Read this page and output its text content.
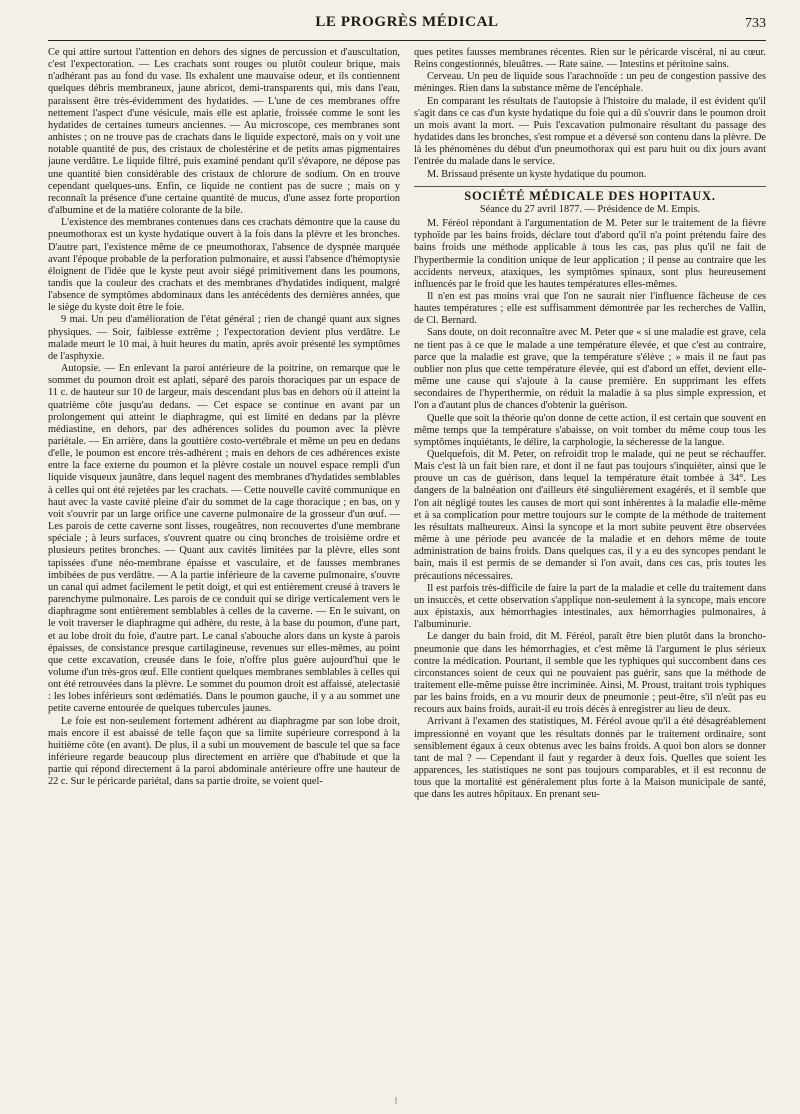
LE PROGRÈS MÉDICAL	733

Ce qui attire surtout l'attention en dehors des signes de percussion et d'auscultation, c'est l'expectoration. — Les crachats sont rouges ou plutôt couleur brique, mais n'adhérant pas au fond du vase. Ils exhalent une mauvaise odeur, et ils contiennent quelques débris membraneux, jaune abricot, demi-transparents qui, mis dans l'eau, paraissent être très-évidemment des hydatides. — L'une de ces membranes offre nettement l'aspect d'une vésicule, mais elle est aplatie, froissée comme le sont les hydatides de certaines tumeurs anciennes. — Au microscope, ces membranes sont anhistes ; on ne trouve pas de crachats dans le liquide expectoré, mais on y voit une notable quantité de pus, des cristaux de cholestérine et de petits amas pigmentaires jaune verdâtre. Le liquide filtré, puis examiné pendant qu'il s'évapore, ne dépose pas une quantité bien considérable des cristaux de chlorure de sodium. On en trouve cependant quelques-uns. Enfin, ce liquide ne contient pas de sucre ; mais on y reconnaît la présence d'une certaine quantité de mucus, d'une assez forte proportion d'albumine et de la matière colorante de la bile.

L'existence des membranes contenues dans ces crachats démontre que la cause du pneumothorax est un kyste hydatique ouvert à la fois dans la plèvre et les bronches. D'autre part, l'existence même de ce pneumothorax, l'absence de dyspnée marquée avant l'époque probable de la perforation pulmonaire, et aussi l'absence d'hémoptysie éloignent de l'idée que le kyste peut avoir siégé primitivement dans les poumons, tandis que la couleur des crachats et des membranes d'hydatides indiquent, malgré l'absence de symptômes abdominaux dans les antécédents des dernières années, que le siège du kyste doit être le foie.

9 mai. Un peu d'amélioration de l'état général ; rien de changé quant aux signes physiques. — Soir, faiblesse extrême ; l'expectoration devient plus verdâtre. Le malade meurt le 10 mai, à huit heures du matin, après avoir présenté les symptômes de l'asphyxie.

Autopsie. — En enlevant la paroi antérieure de la poitrine, on remarque que le sommet du poumon droit est aplati, séparé des parois thoraciques par un espace de 11 c. de hauteur sur 10 de largeur, mais descendant plus bas en dehors où il atteint la quatrième côte jusqu'au dedans. — Cet espace se continue en avant par un prolongement qui atteint le diaphragme, qui est limité en dedans par la plèvre médiastine, en dehors, par des adhérences solides du poumon avec la plèvre pariétale. — En arrière, dans la gouttière costo-vertébrale et même un peu en dedans d'elle, le poumon est encore très-adhérent ; mais en dehors de ces adhérences existe entre la face externe du poumon et la plèvre costale un nouvel espace rempli d'un liquide visqueux jaunâtre, dans lequel nagent des membranes d'hydatides semblables à celles qui ont été rejetées par les crachats. — Cette nouvelle cavité communique en haut avec la vaste cavité pleine d'air du sommet de la cage thoracique ; en bas, on y voit s'ouvrir par un large orifice une caverne pulmonaire de la grosseur d'un œuf. — Les parois de cette caverne sont lisses, rougeâtres, non recouvertes d'une membrane spéciale ; à leurs surfaces, s'ouvrent quatre ou cinq bronches de troisième ordre et plusieurs petites bronches. — Quant aux cavités limitées par la plèvre, elles sont tapissées d'une néo-membrane épaisse et vasculaire, et de fausses membranes imbibées de pus verdâtre. — A la partie inférieure de la caverne pulmonaire, s'ouvre un canal qui admet facilement le petit doigt, et qui est entièrement creusé à travers le parenchyme pulmonaire. Les parois de ce conduit qui se dirige verticalement vers le diaphragme sont entièrement semblables à celles de la caverne. — En le suivant, on le voit traverser le diaphragme qui adhère, du reste, à la base du poumon, d'une part, et au lobe droit du foie, d'autre part. Le canal s'abouche alors dans un kyste à parois épaisses, de consistance presque cartilagineuse, revenues sur elles-mêmes, au point que cette excavation, creusée dans le foie, n'offre plus guère aujourd'hui que le volume d'un très-gros œuf. Elle contient quelques membranes semblables à celles qui ont été retrouvées dans la plèvre. Le sommet du poumon droit est affaissé, atelectasié : les lobes inférieurs sont œdématiés. Dans le poumon gauche, il y a au sommet une petite caverne entourée de quelques tubercules jaunes.

Le foie est non-seulement fortement adhérent au diaphragme par son lobe droit, mais encore il est abaissé de telle façon que sa limite supérieure correspond à la huitième côte (en avant). De plus, il a subi un mouvement de bascule tel que sa face inférieure regarde beaucoup plus directement en arrière que d'habitude et que la partie qui répond directement à la paroi abdominale antérieure offre une hauteur de 22 c. Sur le péricarde pariétal, dans sa partie droite, se voient quel-

ques petites fausses membranes récentes. Rien sur le péricarde viscéral, ni au cœur. Reins congestionnés, bleuâtres. — Rate saine. — Intestins et péritoine sains.

Cerveau. Un peu de liquide sous l'arachnoïde : un peu de congestion passive des méninges. Rien dans la substance même de l'encéphale.

En comparant les résultats de l'autopsie à l'histoire du malade, il est évident qu'il s'agit dans ce cas d'un kyste hydatique du foie qui a dû s'ouvrir dans le poumon droit un mois avant la mort. — Puis l'excavation pulmonaire résultant du passage des hydatides dans les bronches, s'est rompue et a déversé son contenu dans la plèvre. De là les phénomènes du début d'un pneumothorax qui est paru huit ou dix jours avant l'entrée du malade dans le service.

M. Brissaud présente un kyste hydatique du poumon.

SOCIÉTÉ MÉDICALE DES HOPITAUX.
Séance du 27 avril 1877. — Présidence de M. Empis.

M. Féréol répondant à l'argumentation de M. Peter sur le traitement de la fièvre typhoïde par les bains froids, déclare tout d'abord qu'il n'a point prétendu faire des bains froids une méthode applicable à tous les cas, pas plus qu'il ne fait de l'hyperthermie la condition unique de leur application ; il pense au contraire que les accidents nerveux, ataxiques, les symptômes spinaux, sont plus heureusement influencés par le froid que les hautes températures elles-mêmes.

Il n'en est pas moins vrai que l'on ne saurait nier l'influence fâcheuse de ces hautes températures ; elle est suffisamment démontrée par les recherches de Vallin, de Cl. Bernard.

Sans doute, on doit reconnaître avec M. Peter que « si une maladie est grave, cela ne tient pas à ce que le malade a une température élevée, et que c'est au contraire, parce que la maladie est grave, que la température s'élève ; » mais il ne faut pas oublier non plus que cette température élevée, qui est d'abord un effet, devient elle-même une cause qui s'ajoute à la cause première. En supprimant les effets secondaires de l'hyperthermie, on réduit la maladie à sa plus simple expression, et l'on a d'autant plus de chances d'obtenir la guérison.

Quelle que soit la théorie qu'on donne de cette action, il est certain que souvent en même temps que la température s'abaisse, on voit tomber du même coup tous les symptômes inquiétants, le délire, la carphologie, la sécheresse de la langue.

Quelquefois, dit M. Peter, on refroidit trop le malade, qui ne peut se réchauffer. Mais c'est là un fait bien rare, et dont il ne faut pas toujours s'inquiéter, ainsi que le prouve un cas de guérison, dans lequel la température était tombée à 34°. Les dangers de la balnéation ont d'ailleurs été singulièrement exagérés, et il semble que l'on ait négligé toutes les causes de mort qui sont inhérentes à la maladie elle-même et à sa complication pour mettre toujours sur le compte de la méthode de traitement les résultats malheureux. Ainsi la syncope et la mort subite peuvent être observées même à une période peu avancée de la maladie et en dehors même de toute administration de bains froids. Dans quelques cas, il y a eu des syncopes pendant le bain, mais il est permis de se demander si l'on avait, dans ces cas, pris toutes les précautions nécessaires.

Il est parfois très-difficile de faire la part de la maladie et celle du traitement dans un insuccès, et cette observation s'applique non-seulement à la syncope, mais encore aux épistaxis, aux hémorrhagies intestinales, aux hémorrhagies pulmonaires, à l'albuminurie.

Le danger du bain froid, dit M. Féréol, paraît être bien plutôt dans la broncho-pneumonie que dans les hémorrhagies, et c'est même là l'argument le plus sérieux contre la médication. Pourtant, il semble que les typhiques qui succombent dans ces circonstances soient de ceux qui ne pouvaient pas guérir, sans que la méthode de traitement elle-même puisse être incriminée. Ainsi, M. Proust, traitant trois typhiques par les bains froids, en a vu mourir deux de pneumonie ; peut-être, s'il n'eût pas eu recours aux bains froids, aurait-il eu trois décès à enregistrer au lieu de deux.

Arrivant à l'examen des statistiques, M. Féréol avoue qu'il a été désagréablement impressionné en voyant que les résultats donnés par le traitement ordinaire, sont sensiblement égaux à ceux obtenus avec les bains froids. A quoi bon alors se donner tant de mal ? — Cependant il faut y regarder à deux fois. Quelles que soient les apparences, les statistiques ne sont pas toujours comparables, et il est reconnu de tous que la mortalité est généralement plus forte à la Maison municipale de santé, que dans les autres hôpitaux. En prenant seu-

ǀ
